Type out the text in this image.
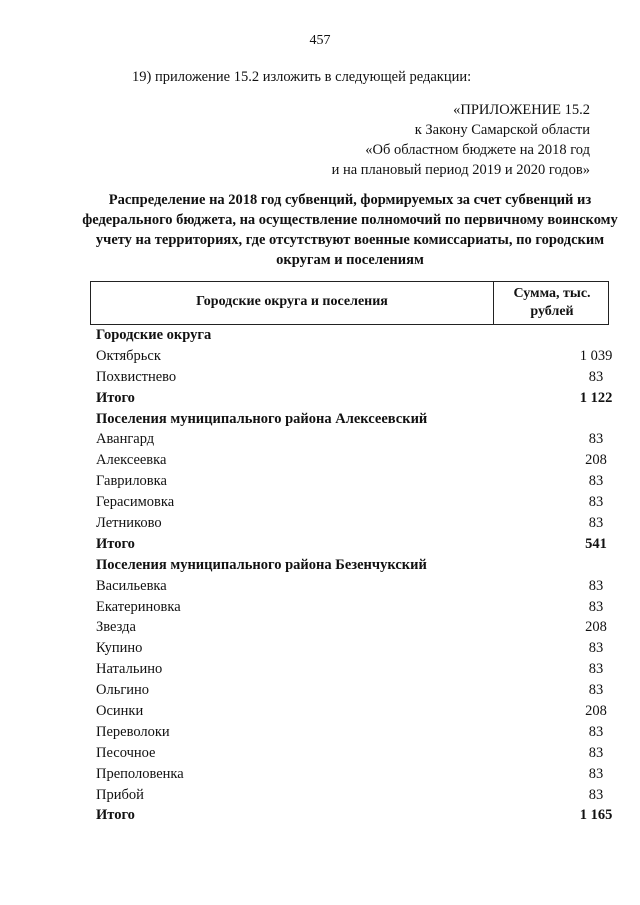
457
19) приложение 15.2 изложить в следующей редакции:
«ПРИЛОЖЕНИЕ 15.2
к Закону Самарской области
«Об областном бюджете на 2018 год
и на плановый период 2019 и 2020 годов»
Распределение на 2018 год субвенций, формируемых за счет субвенций из федерального бюджета, на осуществление полномочий по первичному воинскому учету на территориях, где отсутствуют военные комиссариаты, по городским округам и поселениям
Городские округа и поселения
Сумма, тыс.
рублей
Городские округа
Октябрьск	1 039
Похвистнево	83
Итого	1 122
Поселения муниципального района Алексеевский
Авангард	83
Алексеевка	208
Гавриловка	83
Герасимовка	83
Летниково	83
Итого	541
Поселения муниципального района Безенчукский
Васильевка	83
Екатериновка	83
Звезда	208
Купино	83
Натальино	83
Ольгино	83
Осинки	208
Переволоки	83
Песочное	83
Преполовенка	83
Прибой	83
Итого	1 165
